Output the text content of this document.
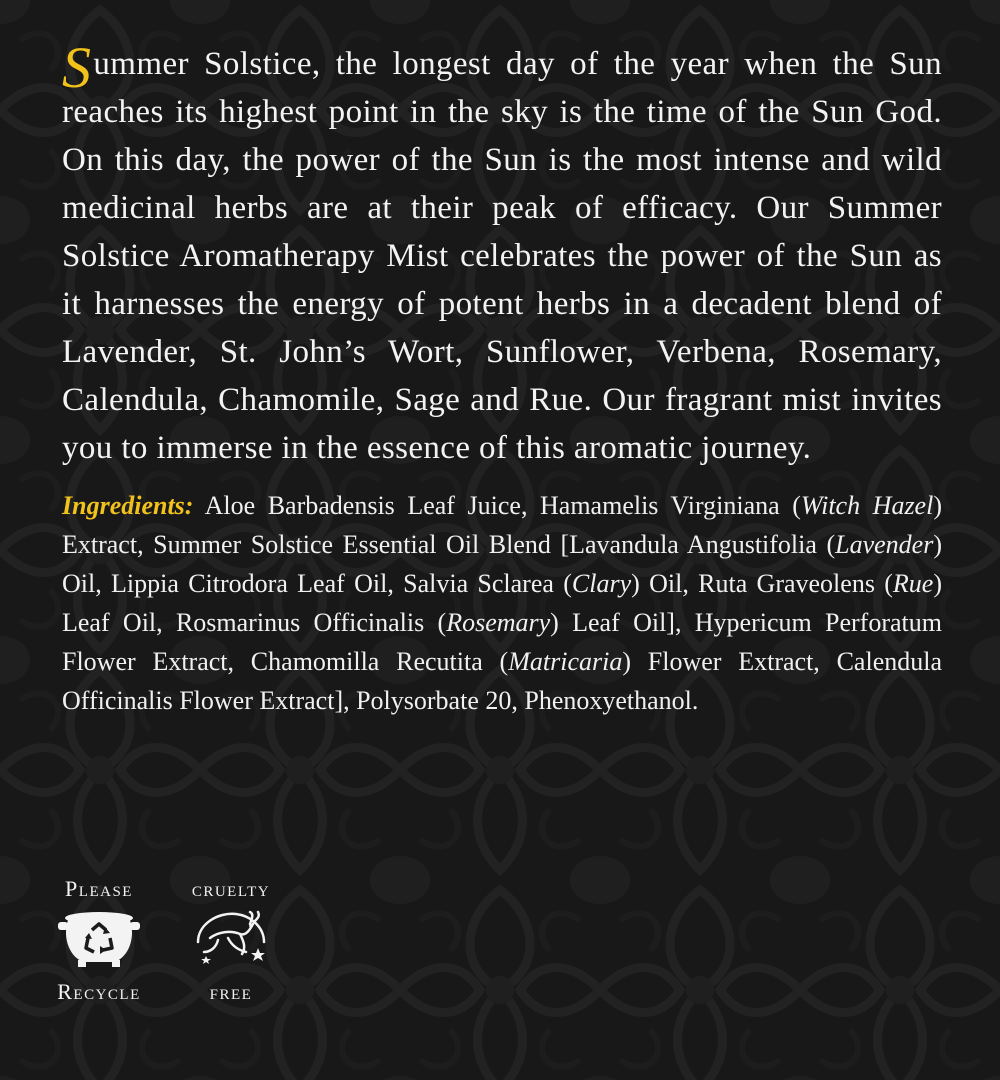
Summer Solstice, the longest day of the year when the Sun reaches its highest point in the sky is the time of the Sun God. On this day, the power of the Sun is the most intense and wild medicinal herbs are at their peak of efficacy. Our Summer Solstice Aromatherapy Mist celebrates the power of the Sun as it harnesses the energy of potent herbs in a decadent blend of Lavender, St. John’s Wort, Sunflower, Verbena, Rosemary, Calendula, Chamomile, Sage and Rue. Our fragrant mist invites you to immerse in the essence of this aromatic journey.

Ingredients: Aloe Barbadensis Leaf Juice, Hamamelis Virginiana (Witch Hazel) Extract, Summer Solstice Essential Oil Blend [Lavandula Angustifolia (Lavender) Oil, Lippia Citrodora Leaf Oil, Salvia Sclarea (Clary) Oil, Ruta Graveolens (Rue) Leaf Oil, Rosmarinus Officinalis (Rosemary) Leaf Oil], Hypericum Perforatum Flower Extract, Chamomilla Recutita (Matricaria) Flower Extract, Calendula Officinalis Flower Extract], Polysorbate 20, Phenoxyethanol.

Please
Recycle
cruelty
free
